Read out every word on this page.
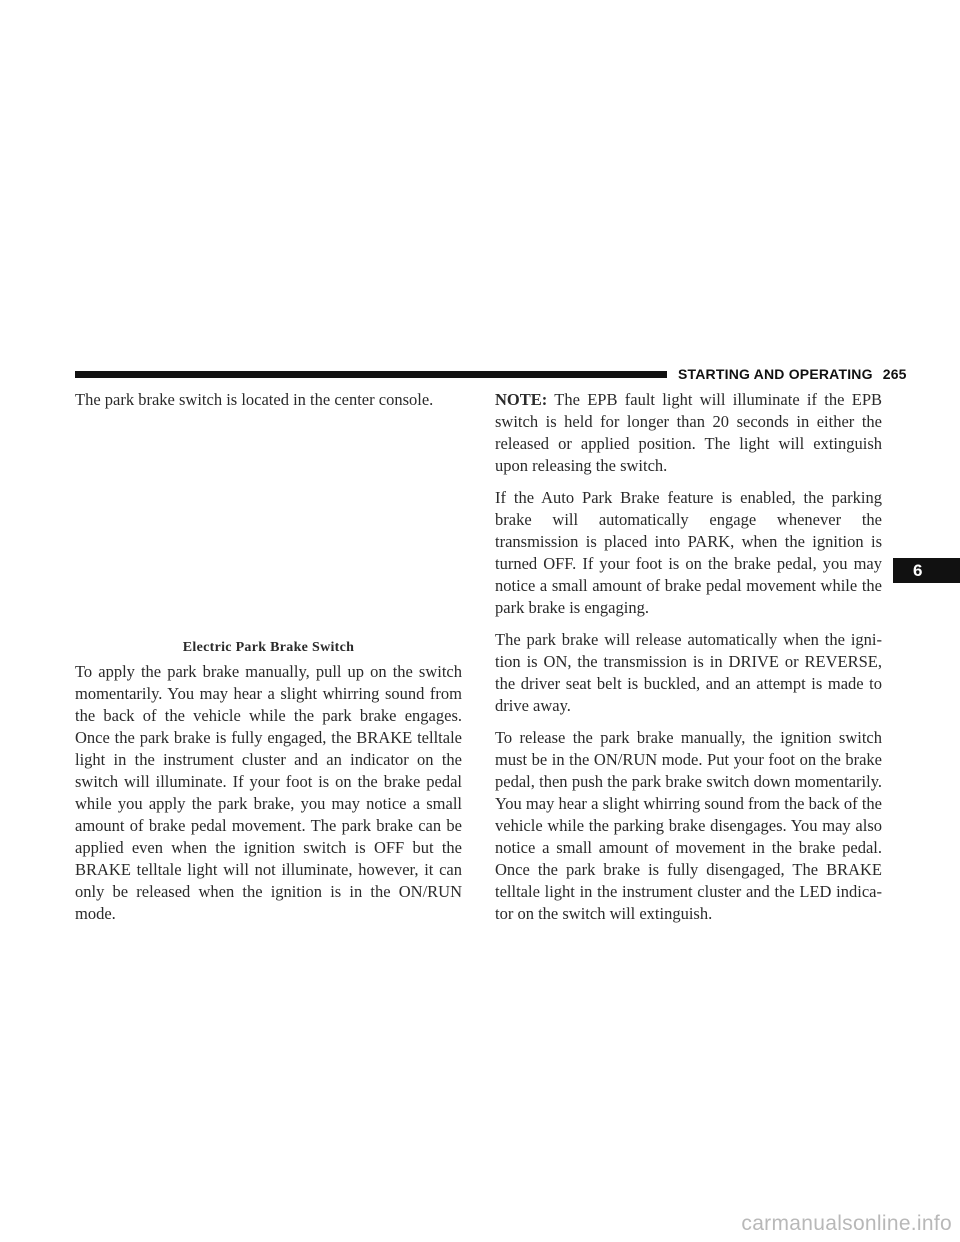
STARTING AND OPERATING 265

The park brake switch is located in the center console.

Electric Park Brake Switch

To apply the park brake manually, pull up on the switch momentarily. You may hear a slight whirring sound from the back of the vehicle while the park brake engages. Once the park brake is fully engaged, the BRAKE telltale light in the instrument cluster and an indicator on the switch will illuminate. If your foot is on the brake pedal while you apply the park brake, you may notice a small amount of brake pedal movement. The park brake can be applied even when the ignition switch is OFF but the BRAKE telltale light will not illuminate, however, it can only be released when the ignition is in the ON/RUN mode.

NOTE: The EPB fault light will illuminate if the EPB switch is held for longer than 20 seconds in either the released or applied position. The light will extinguish upon releasing the switch.

If the Auto Park Brake feature is enabled, the parking brake will automatically engage whenever the transmission is placed into PARK, when the ignition is turned OFF. If your foot is on the brake pedal, you may notice a small amount of brake pedal movement while the park brake is engaging.

The park brake will release automatically when the igni- tion is ON, the transmission is in DRIVE or REVERSE, the driver seat belt is buckled, and an attempt is made to drive away.

To release the park brake manually, the ignition switch must be in the ON/RUN mode. Put your foot on the brake pedal, then push the park brake switch down momentarily. You may hear a slight whirring sound from the back of the vehicle while the parking brake disengages. You may also notice a small amount of movement in the brake pedal. Once the park brake is fully disengaged, The BRAKE telltale light in the instrument cluster and the LED indica- tor on the switch will extinguish.

6
carmanualsonline.info
